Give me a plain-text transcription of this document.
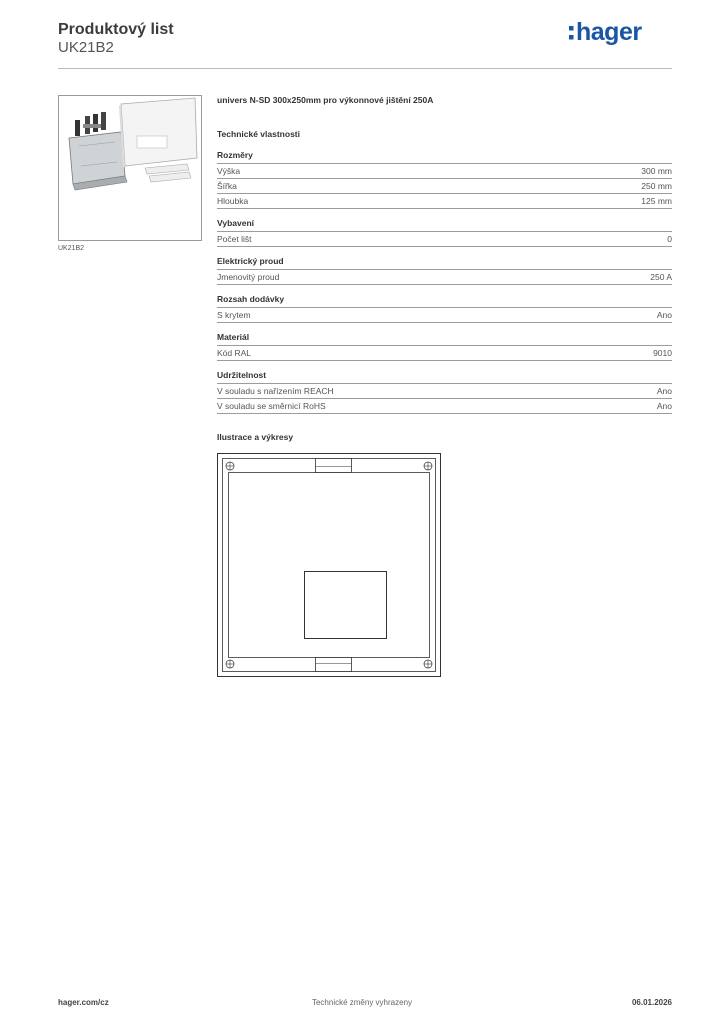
Produktový list
UK21B2
hager
UK21B2
univers N-SD 300x250mm pro výkonnové jištění 250A
Technické vlastnosti
Rozměry
Výška	300 mm
Šířka	250 mm
Hloubka	125 mm
Vybavení
Počet lišt	0
Elektrický proud
Jmenovitý proud	250 A
Rozsah dodávky
S krytem	Ano
Materiál
Kód RAL	9010
Udržitelnost
V souladu s nařízením REACH	Ano
V souladu se směrnicí RoHS	Ano
Ilustrace a výkresy
hager.com/cz	Technické změny vyhrazeny	06.01.2026
